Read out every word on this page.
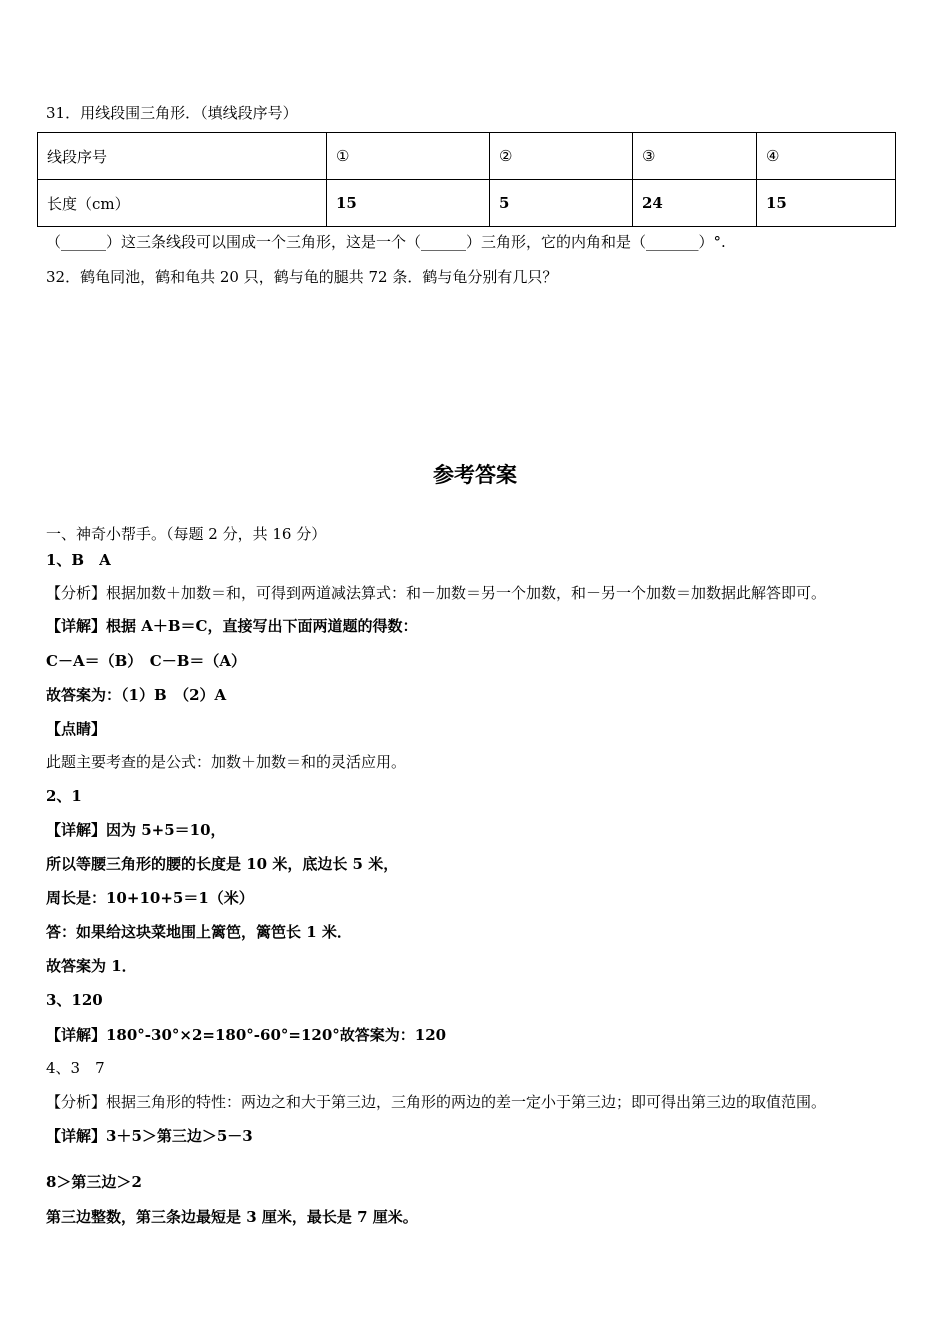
31．用线段围三角形．（填线段序号）
线段序号	①	②	③	④
长度（cm）	15	5	24	15
（______）这三条线段可以围成一个三角形，这是一个（______）三角形，它的内角和是（_______）°.
32．鹤龟同池，鹤和龟共 20 只，鹤与龟的腿共 72 条．鹤与龟分别有几只？
参考答案
一、神奇小帮手。（每题 2 分，共 16 分）
1、B　A
【分析】根据加数＋加数＝和，可得到两道减法算式：和－加数＝另一个加数，和－另一个加数＝加数据此解答即可。
【详解】根据 A＋B＝C，直接写出下面两道题的得数：
C－A＝（B）　C－B＝（A）
故答案为：（1）B　（2）A
【点睛】
此题主要考查的是公式：加数＋加数＝和的灵活应用。
2、1
【详解】因为 5+5＝10，
所以等腰三角形的腰的长度是 10 米，底边长 5 米，
周长是：10+10+5＝1（米）
答：如果给这块菜地围上篱笆，篱笆长 1 米．
故答案为 1．
3、120
【详解】180°-30°×2=180°-60°=120°故答案为：120
4、3　7
【分析】根据三角形的特性：两边之和大于第三边，三角形的两边的差一定小于第三边；即可得出第三边的取值范围。
【详解】3＋5＞第三边＞5－3
8＞第三边＞2
第三边整数，第三条边最短是 3 厘米，最长是 7 厘米。
